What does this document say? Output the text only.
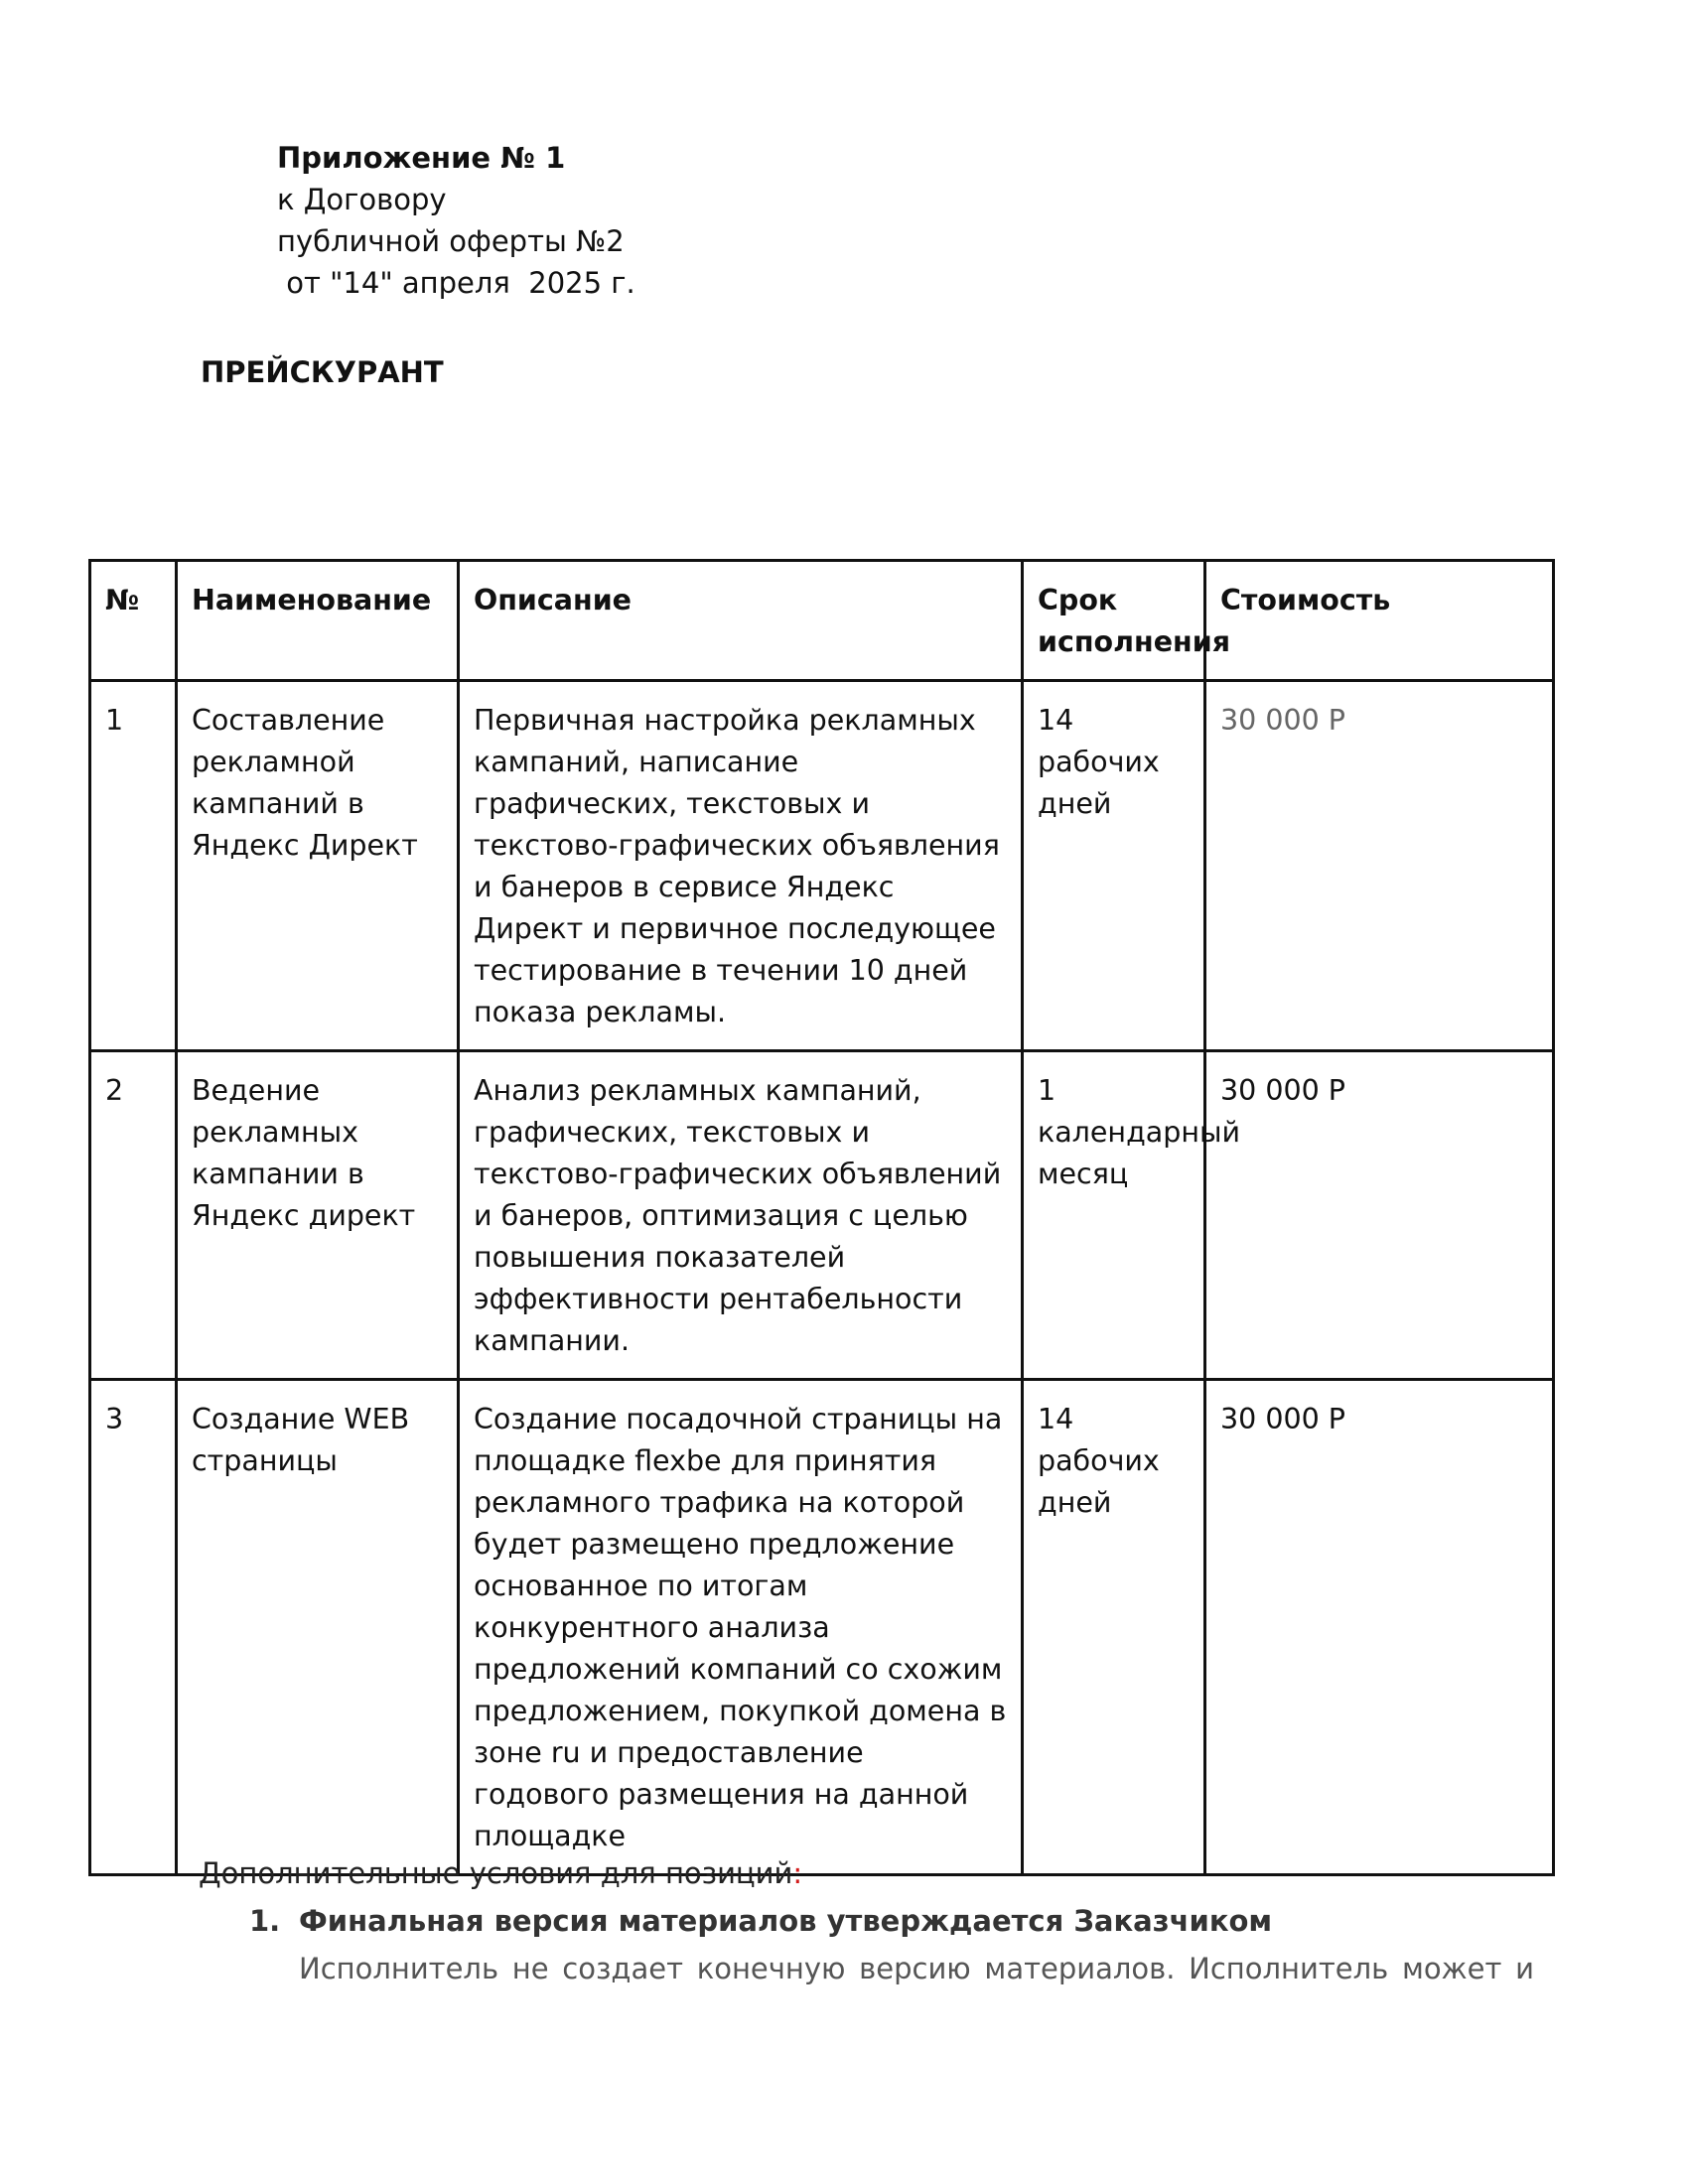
Приложение № 1
к Договору
публичной оферты №2
от "14" апреля  2025 г.
ПРЕЙСКУРАНТ
№	Наименование	Описание	Срок исполнения	Стоимость
1	Составление рекламной кампаний в Яндекс Директ	Первичная настройка рекламных кампаний, написание графических, текстовых и текстово-графических объявления и банеров в сервисе Яндекс Директ и первичное последующее тестирование в течении 10 дней показа рекламы.	14 рабочих дней	30 000 Р
2	Ведение рекламных кампании в Яндекс директ	Анализ рекламных кампаний, графических, текстовых и текстово-графических объявлений и банеров, оптимизация с целью повышения показателей эффективности рентабельности кампании.	1 календарный месяц	30 000 Р
3	Создание WEB страницы	Создание посадочной страницы на площадке flexbe для принятия рекламного трафика на которой будет размещено предложение основанное по итогам конкурентного анализа предложений компаний со схожим предложением, покупкой домена в зоне ru и предоставление годового размещения на данной площадке	14 рабочих дней	30 000 Р
Дополнительные условия для позиций:
1. Финальная версия материалов утверждается Заказчиком
Исполнитель не создает конечную версию материалов. Исполнитель может и
